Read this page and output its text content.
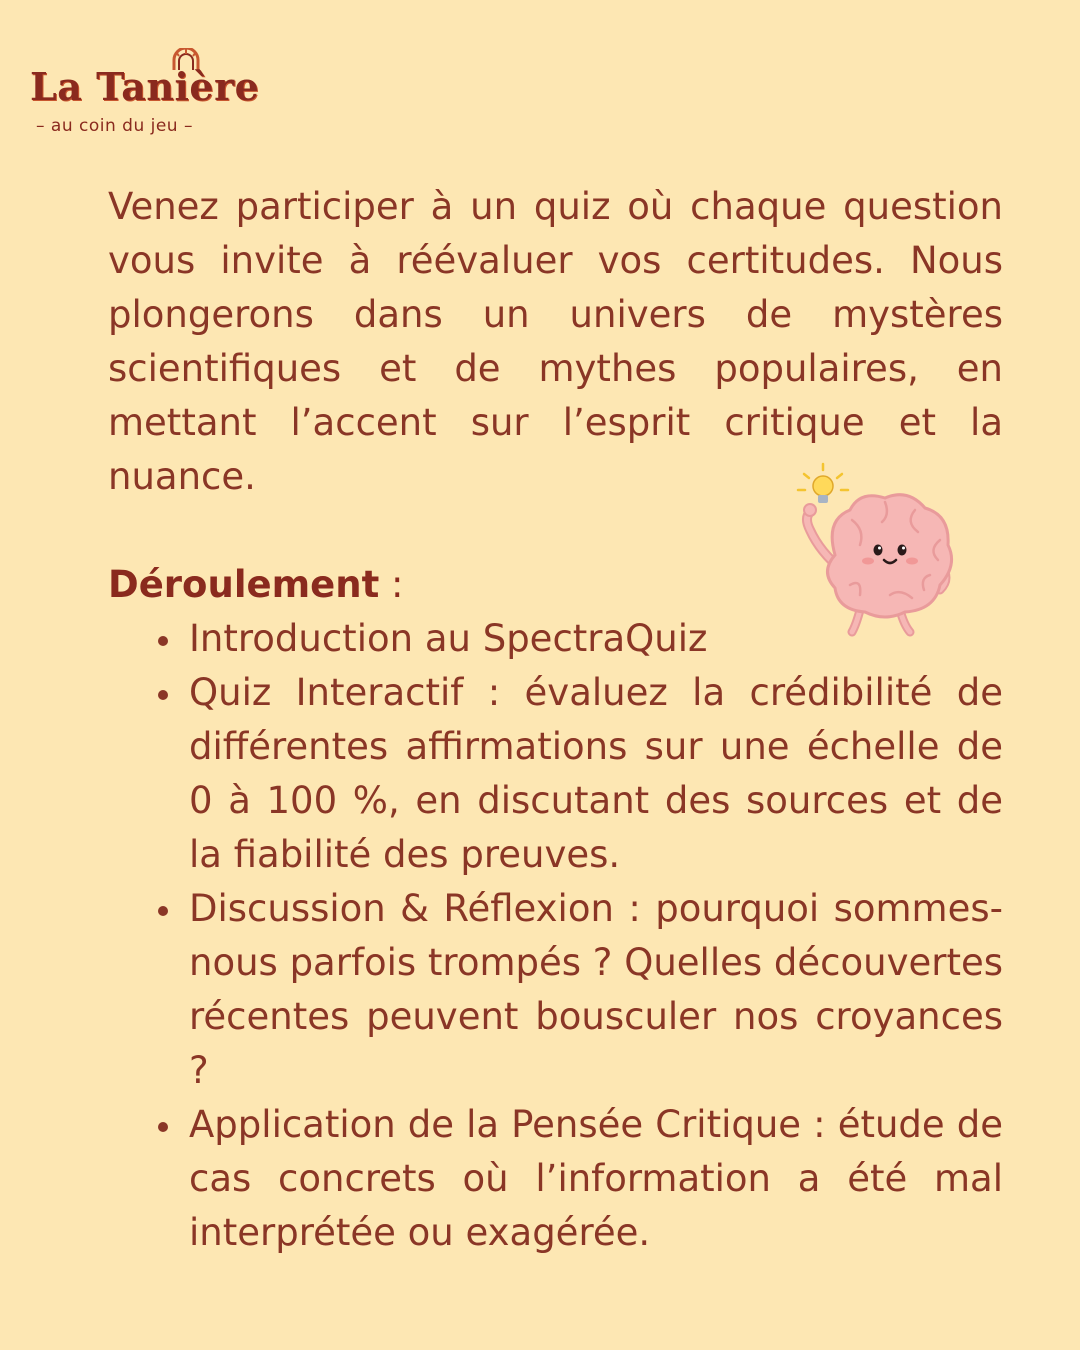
La Tanière
– au coin du jeu –

Venez participer à un quiz où chaque question vous invite à réévaluer vos certitudes. Nous plongerons dans un univers de mystères scientifiques et de mythes populaires, en mettant l’accent sur l’esprit critique et la nuance.

Déroulement :
Introduction au SpectraQuiz
Quiz Interactif : évaluez la crédibilité de différentes affirmations sur une échelle de 0 à 100 %, en discutant des sources et de la fiabilité des preuves.
Discussion & Réflexion : pourquoi sommes-nous parfois trompés ? Quelles découvertes récentes peuvent bousculer nos croyances ?
Application de la Pensée Critique : étude de cas concrets où l’information a été mal interprétée ou exagérée.
